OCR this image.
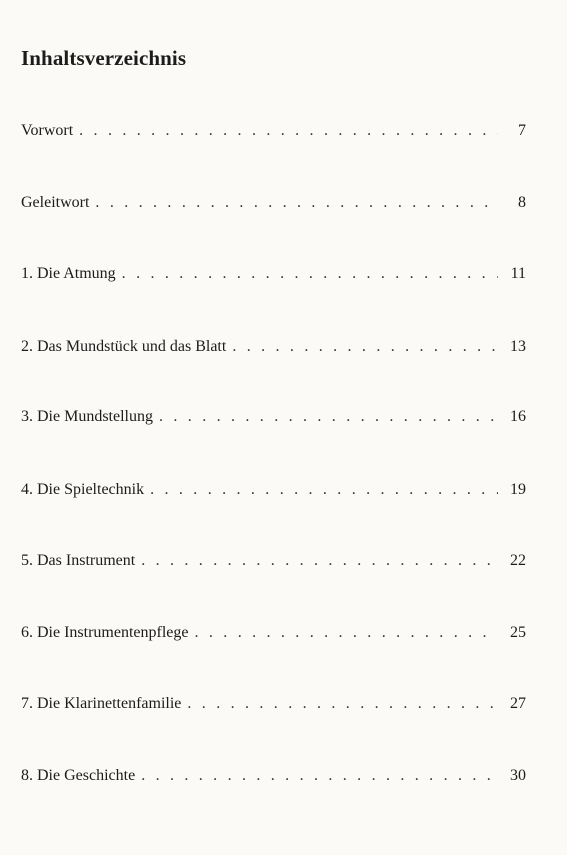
Inhaltsverzeichnis
Vorwort . . .	7
Geleitwort . . .	8
1. Die Atmung . . .	11
2. Das Mundstück und das Blatt . . .	13
3. Die Mundstellung . . .	16
4. Die Spieltechnik . . .	19
5. Das Instrument . . .	22
6. Die Instrumentenpflege . . .	25
7. Die Klarinettenfamilie . . .	27
8. Die Geschichte . . .	30
